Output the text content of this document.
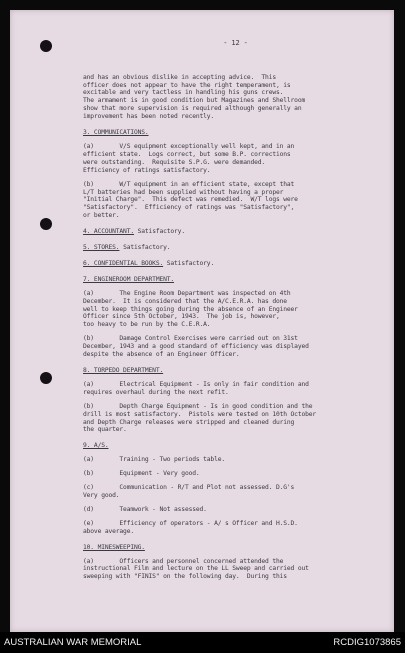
- 12 -

and has an obvious dislike in accepting advice.  This
officer does not appear to have the right temperament, is
excitable and very tactless in handling his guns crews.
The armament is in good condition but Magazines and Shellroom
show that more supervision is required although generally an
improvement has been noted recently.
3. COMMUNICATIONS.
(a)       V/S equipment exceptionally well kept, and in an
efficient state.  Logs correct, but some B.P. corrections
were outstanding.  Requisite S.P.G. were demanded.
Efficiency of ratings satisfactory.
(b)       W/T equipment in an efficient state, except that
L/T batteries had been supplied without having a proper
"Initial Charge".  This defect was remedied.  W/T logs were
"Satisfactory".  Efficiency of ratings was "Satisfactory",
or better.
4. ACCOUNTANT. Satisfactory.
5. STORES. Satisfactory.
6. CONFIDENTIAL BOOKS. Satisfactory.
7. ENGINEROOM DEPARTMENT.
(a)       The Engine Room Department was inspected on 4th
December.  It is considered that the A/C.E.R.A. has done
well to keep things going during the absence of an Engineer
Officer since 5th October, 1943.  The job is, however,
too heavy to be run by the C.E.R.A.
(b)       Damage Control Exercises were carried out on 31st
December, 1943 and a good standard of efficiency was displayed
despite the absence of an Engineer Officer.
8. TORPEDO DEPARTMENT.
(a)       Electrical Equipment - Is only in fair condition and
requires overhaul during the next refit.
(b)       Depth Charge Equipment - Is in good condition and the
drill is most satisfactory.  Pistols were tested on 10th October
and Depth Charge releases were stripped and cleaned during
the quarter.
9. A/S.
(a)       Training - Two periods table.
(b)       Equipment - Very good.
(c)       Communication - R/T and Plot not assessed. D.G's
Very good.
(d)       Teamwork - Not assessed.
(e)       Efficiency of operators - A/ s Officer and H.S.D.
above average.
10. MINESWEEPING.
(a)       Officers and personnel concerned attended the
instructional Film and lecture on the LL Sweep and carried out
sweeping with "FINIS" on the following day.  During this
AUSTRALIAN WAR MEMORIAL	RCDIG1073865
